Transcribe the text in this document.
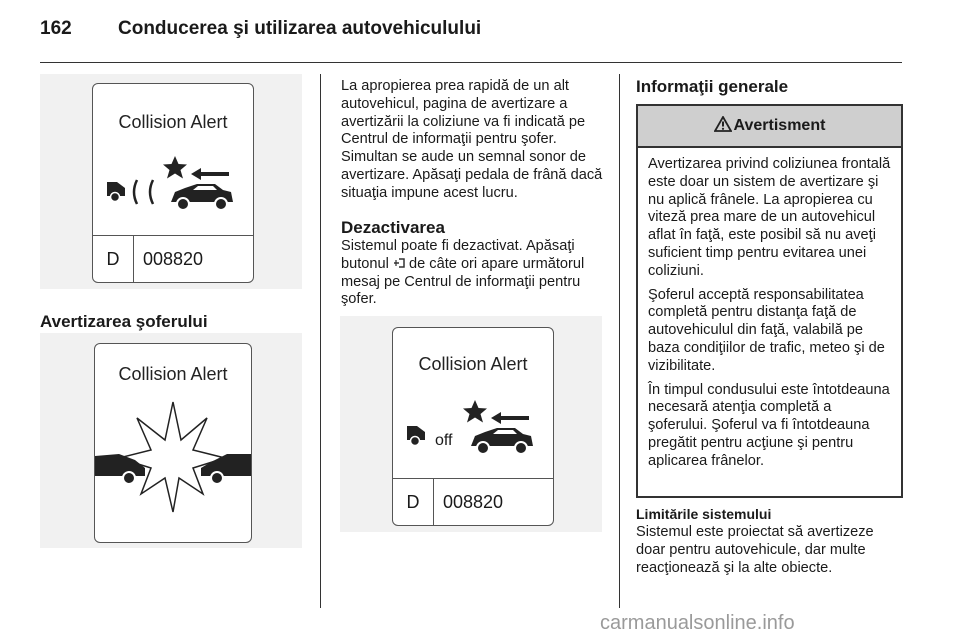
162 Conducerea şi utilizarea autovehiculului
Collision Alert
D	008820
Avertizarea şoferului
Collision Alert
La apropierea prea rapidă de un alt autovehicul, pagina de avertizare a avertizării la coliziune va fi indicată pe Centrul de informaţii pentru şofer. Simultan se aude un semnal sonor de avertizare. Apăsaţi pedala de frână dacă situaţia impune acest lucru.
Dezactivarea
Sistemul poate fi dezactivat. Apăsaţi butonul de câte ori apare următorul mesaj pe Centrul de informaţii pentru şofer.
Collision Alert
off
D	008820
Informaţii generale
Avertisment

Avertizarea privind coliziunea frontală este doar un sistem de avertizare şi nu aplică frânele. La apropierea cu viteză prea mare de un autovehicul aflat în faţă, este posibil să nu aveţi suficient timp pentru evitarea unei coliziuni.

Şoferul acceptă responsabilitatea completă pentru distanţa faţă de autovehiculul din faţă, valabilă pe baza condiţiilor de trafic, meteo şi de vizibilitate.

În timpul condusului este întotdeauna necesară atenţia completă a şoferului. Şoferul va fi întotdeauna pregătit pentru acţiune şi pentru aplicarea frânelor.

Limitările sistemului
Sistemul este proiectat să avertizeze doar pentru autovehicule, dar multe reacţionează şi la alte obiecte.
carmanualsonline.info
